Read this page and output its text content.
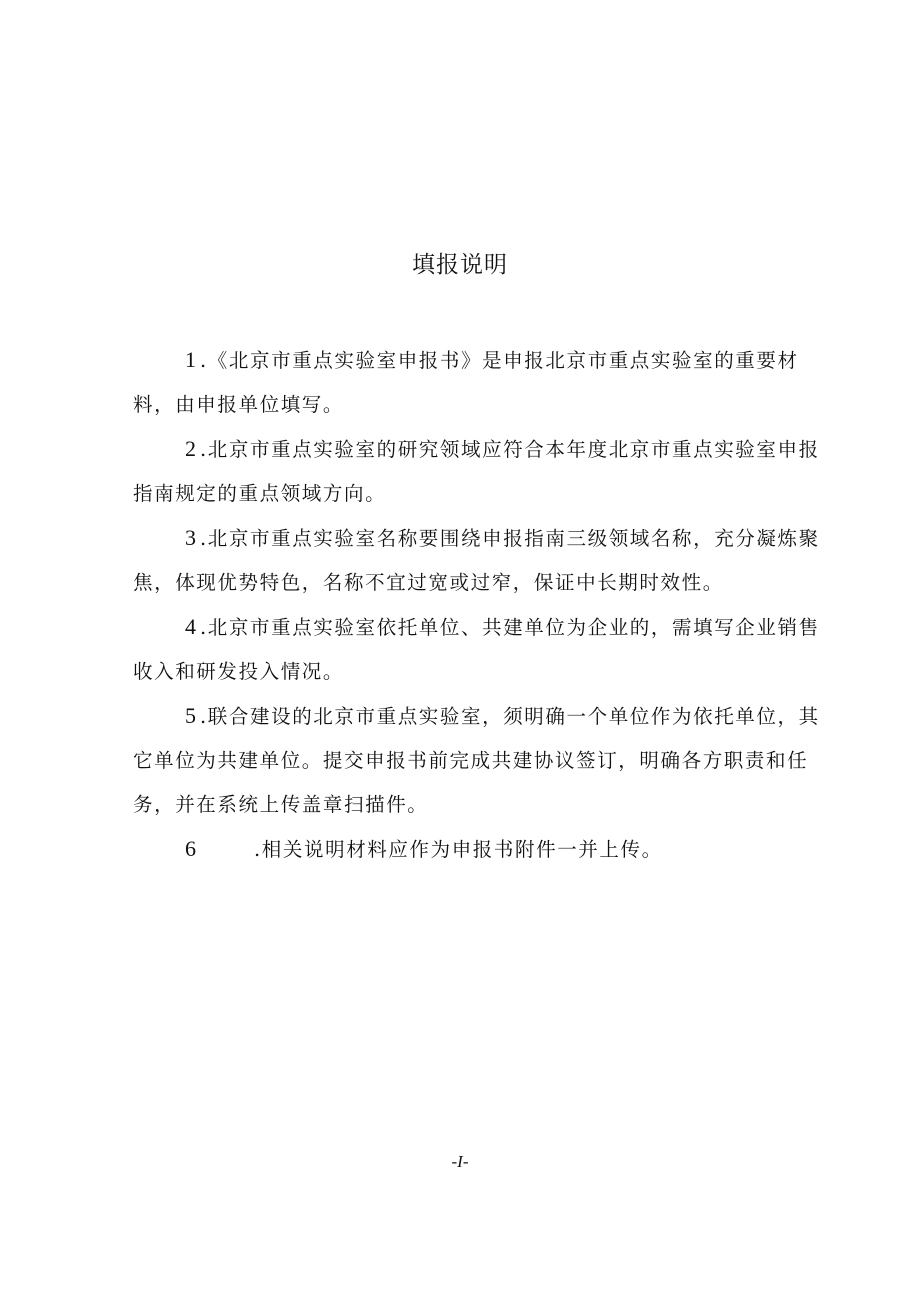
填报说明

1 .《北京市重点实验室申报书》是申报北京市重点实验室的重要材料，由申报单位填写。

2 .北京市重点实验室的研究领域应符合本年度北京市重点实验室申报指南规定的重点领域方向。

3 .北京市重点实验室名称要围绕申报指南三级领域名称，充分凝炼聚焦，体现优势特色，名称不宜过宽或过窄，保证中长期时效性。

4 .北京市重点实验室依托单位、共建单位为企业的，需填写企业销售收入和研发投入情况。

5 .联合建设的北京市重点实验室，须明确一个单位作为依托单位，其它单位为共建单位。提交申报书前完成共建协议签订，明确各方职责和任务，并在系统上传盖章扫描件。

6	.相关说明材料应作为申报书附件一并上传。

-I-
